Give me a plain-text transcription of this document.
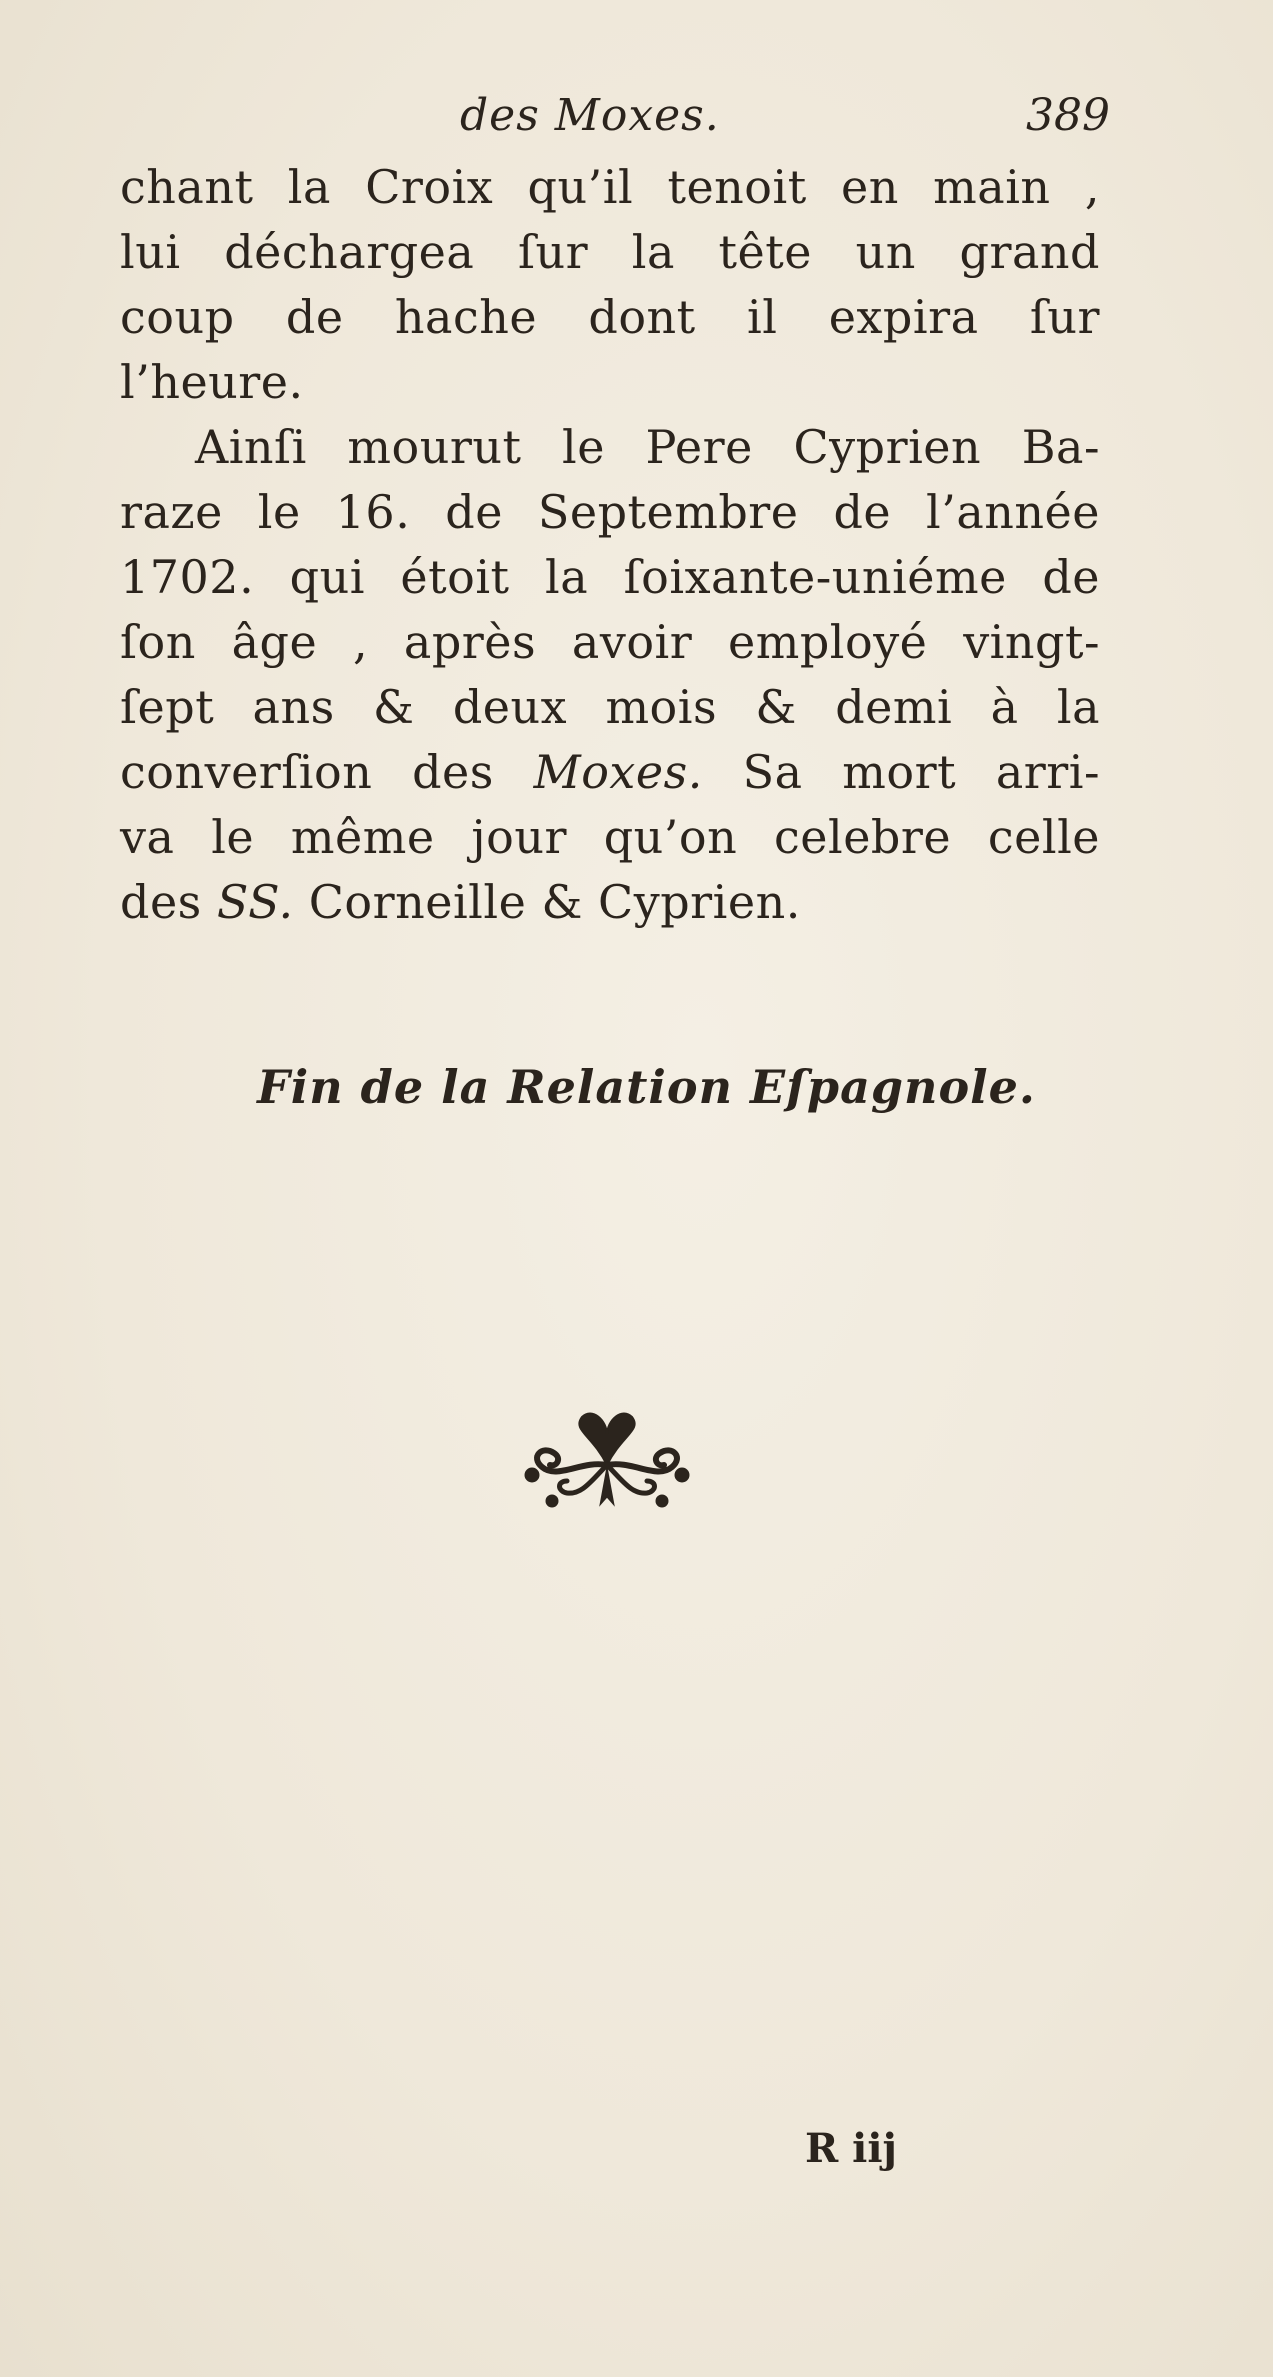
des Moxes.	389
chant la Croix qu’il tenoit en main ,
lui déchargea ſur la tête un grand
coup de hache dont il expira ſur
l’heure.
Ainſi mourut le Pere Cyprien Ba-
raze le 16. de Septembre de l’année
1702. qui étoit la ſoixante-uniéme de
ſon âge , après avoir employé vingt-
ſept ans & deux mois & demi à la
converſion des Moxes. Sa mort arri-
va le même jour qu’on celebre celle
des SS. Corneille & Cyprien.
Fin de la Relation Eſpagnole.
R iij
